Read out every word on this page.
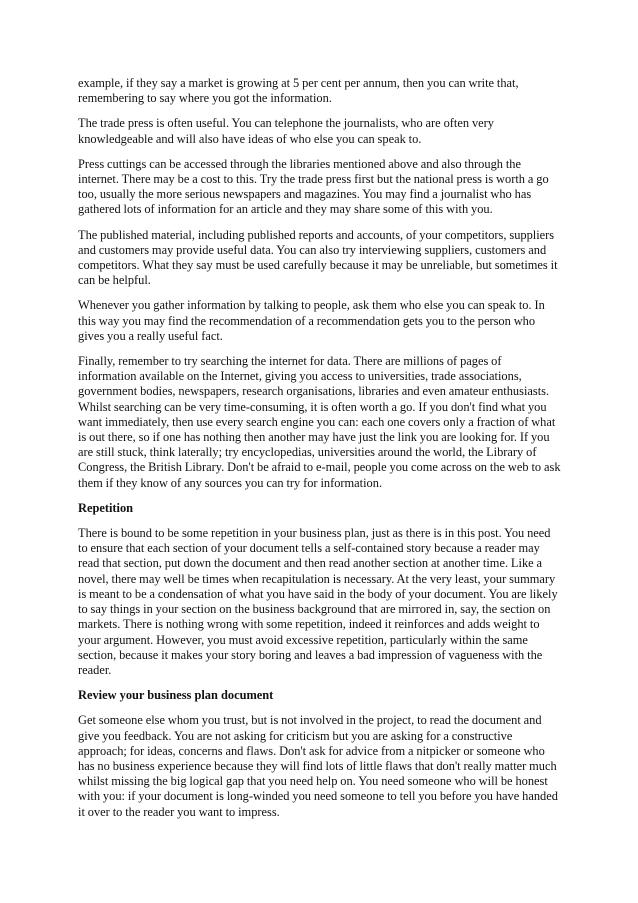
example, if they say a market is growing at 5 per cent per annum, then you can write that, remembering to say where you got the information.

The trade press is often useful. You can telephone the journalists, who are often very knowledgeable and will also have ideas of who else you can speak to.

Press cuttings can be accessed through the libraries mentioned above and also through the internet. There may be a cost to this. Try the trade press first but the national press is worth a go too, usually the more serious newspapers and magazines. You may find a journalist who has gathered lots of information for an article and they may share some of this with you.

The published material, including published reports and accounts, of your competitors, suppliers and customers may provide useful data. You can also try interviewing suppliers, customers and competitors. What they say must be used carefully because it may be unreliable, but sometimes it can be helpful.

Whenever you gather information by talking to people, ask them who else you can speak to. In this way you may find the recommendation of a recommendation gets you to the person who gives you a really useful fact.

Finally, remember to try searching the internet for data. There are millions of pages of information available on the Internet, giving you access to universities, trade associations, government bodies, newspapers, research organisations, libraries and even amateur enthusiasts. Whilst searching can be very time-consuming, it is often worth a go. If you don't find what you want immediately, then use every search engine you can: each one covers only a fraction of what is out there, so if one has nothing then another may have just the link you are looking for. If you are still stuck, think laterally; try encyclopedias, universities around the world, the Library of Congress, the British Library. Don't be afraid to e-mail, people you come across on the web to ask them if they know of any sources you can try for information.

Repetition

There is bound to be some repetition in your business plan, just as there is in this post. You need to ensure that each section of your document tells a self-contained story because a reader may read that section, put down the document and then read another section at another time. Like a novel, there may well be times when recapitulation is necessary. At the very least, your summary is meant to be a condensation of what you have said in the body of your document. You are likely to say things in your section on the business background that are mirrored in, say, the section on markets. There is nothing wrong with some repetition, indeed it reinforces and adds weight to your argument. However, you must avoid excessive repetition, particularly within the same section, because it makes your story boring and leaves a bad impression of vagueness with the reader.

Review your business plan document

Get someone else whom you trust, but is not involved in the project, to read the document and give you feedback. You are not asking for criticism but you are asking for a constructive approach; for ideas, concerns and flaws. Don't ask for advice from a nitpicker or someone who has no business experience because they will find lots of little flaws that don't really matter much whilst missing the big logical gap that you need help on. You need someone who will be honest with you: if your document is long-winded you need someone to tell you before you have handed it over to the reader you want to impress.
